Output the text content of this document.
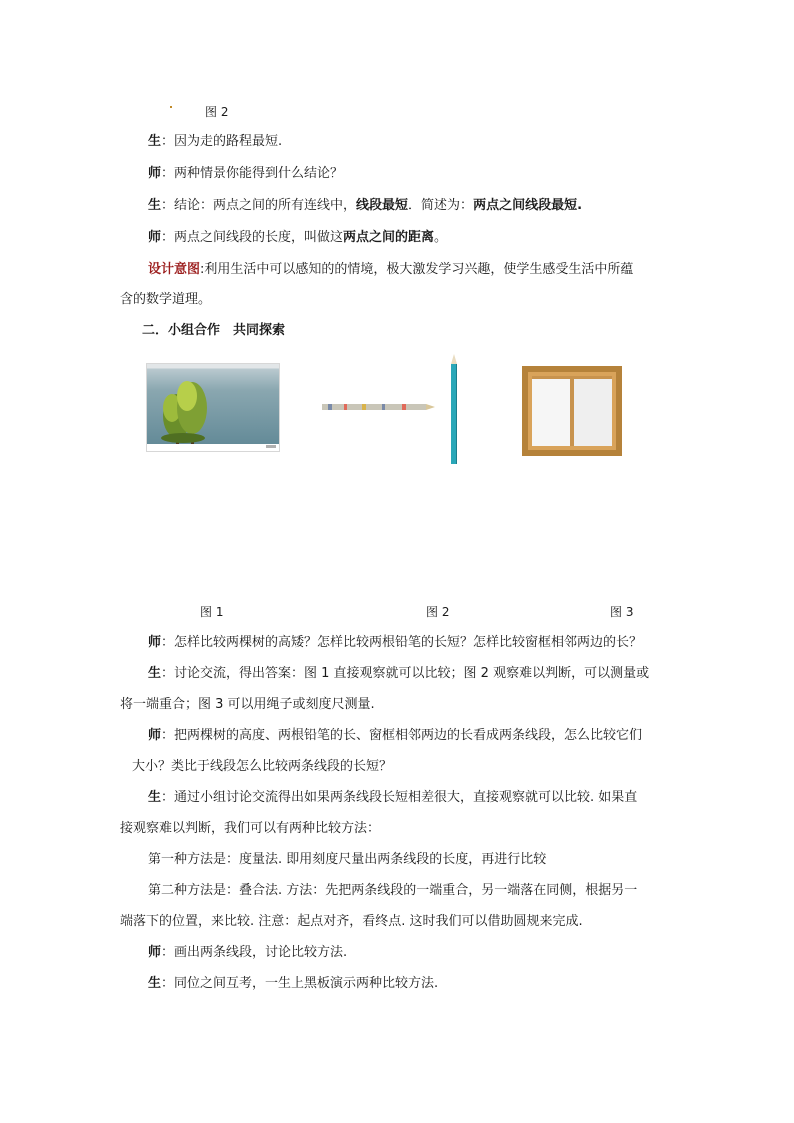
图 2
生：因为走的路程最短.
师：两种情景你能得到什么结论？
生：结论：两点之间的所有连线中，线段最短．简述为：两点之间线段最短.
师：两点之间线段的长度，叫做这两点之间的距离。
设计意图:利用生活中可以感知的的情境，极大激发学习兴趣，使学生感受生活中所蕴
含的数学道理。
二．小组合作　共同探索
图 1	图 2	图 3
师：怎样比较两棵树的高矮？怎样比较两根铅笔的长短？怎样比较窗框相邻两边的长？
生：讨论交流，得出答案：图 1 直接观察就可以比较；图 2 观察难以判断，可以测量或
将一端重合；图 3 可以用绳子或刻度尺测量.
师：把两棵树的高度、两根铅笔的长、窗框相邻两边的长看成两条线段，怎么比较它们
大小？类比于线段怎么比较两条线段的长短？
生：通过小组讨论交流得出如果两条线段长短相差很大，直接观察就可以比较. 如果直
接观察难以判断，我们可以有两种比较方法：
第一种方法是：度量法. 即用刻度尺量出两条线段的长度，再进行比较
第二种方法是：叠合法. 方法：先把两条线段的一端重合，另一端落在同侧，根据另一
端落下的位置，来比较. 注意：起点对齐，看终点. 这时我们可以借助圆规来完成.
师：画出两条线段，讨论比较方法.
生：同位之间互考，一生上黑板演示两种比较方法.
